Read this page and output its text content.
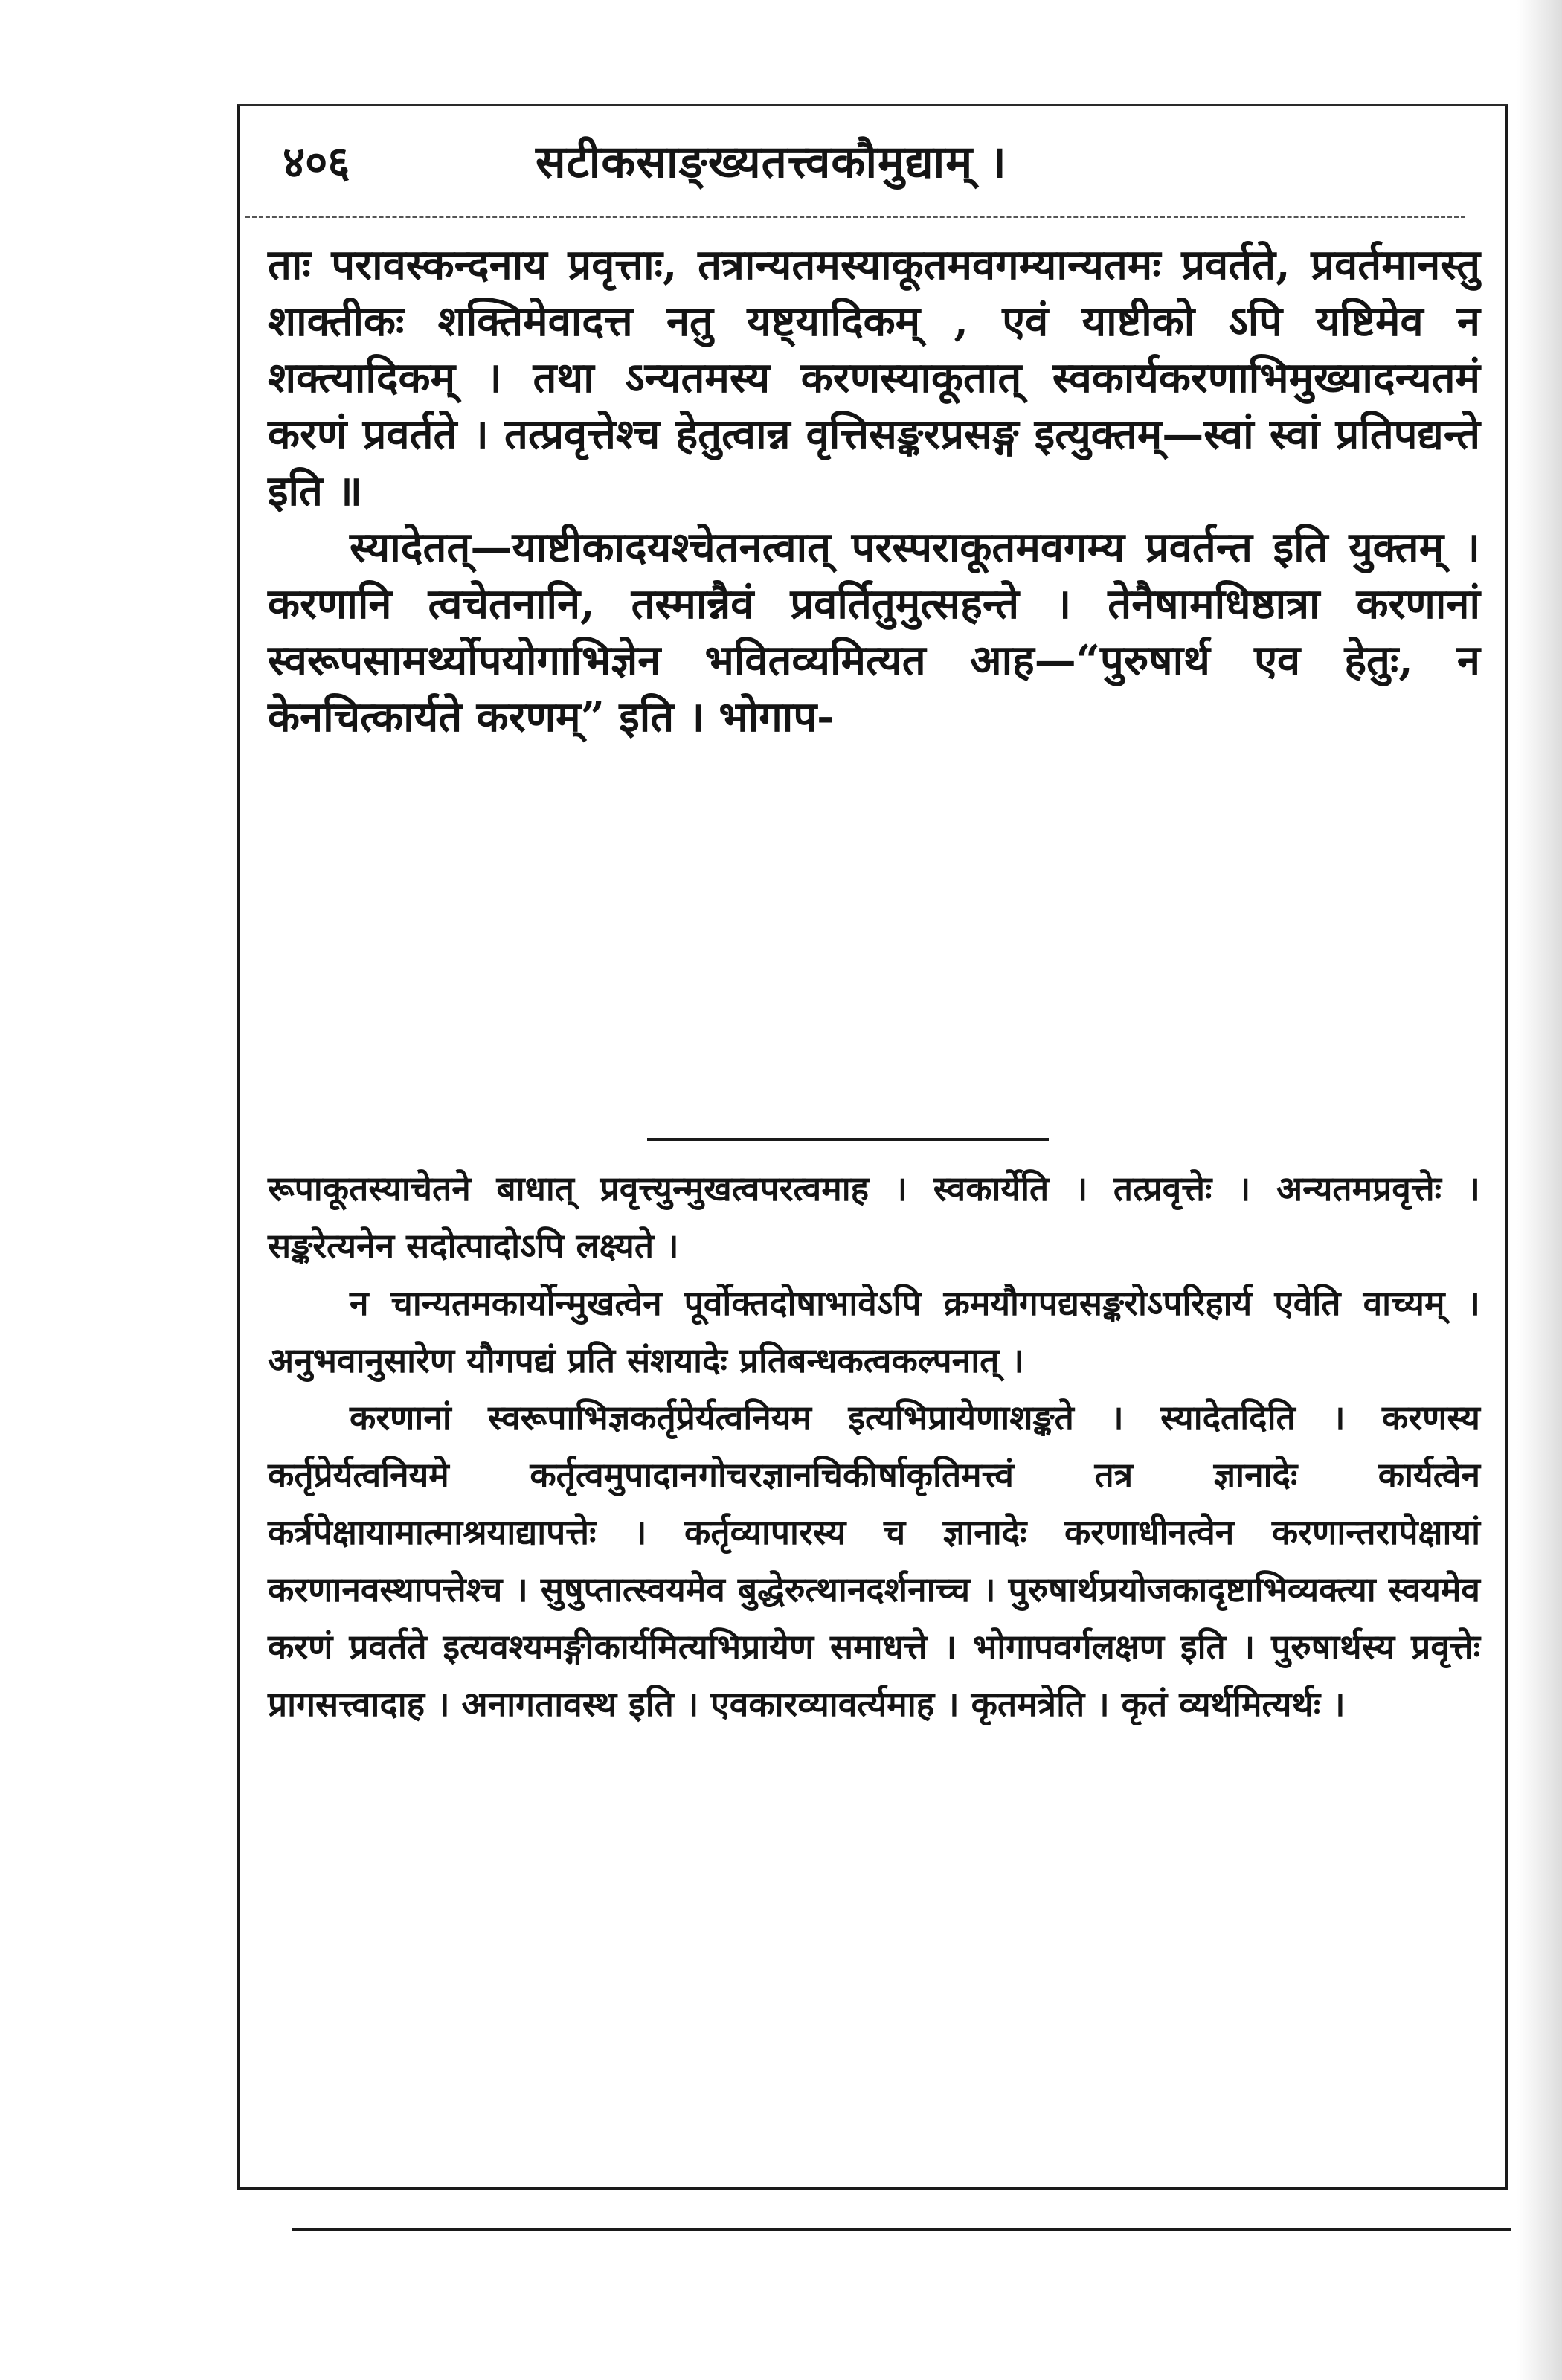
४०६	सटीकसाङ्ख्यतत्त्वकौमुद्याम् ।

ताः परावस्कन्दनाय प्रवृत्ताः, तत्रान्यतमस्याकूतमवगम्यान्यतमः प्रवर्तते, प्रवर्तमानस्तु शाक्तीकः शक्तिमेवादत्त नतु यष्ट्यादिकम् , एवं याष्टीको ऽपि यष्टिमेव न शक्त्यादिकम् । तथा ऽन्यतमस्य करणस्याकूतात् स्वकार्यकरणाभिमुख्यादन्यतमं करणं प्रवर्तते । तत्प्रवृत्तेश्च हेतुत्वान्न वृत्तिसङ्करप्रसङ्ग इत्युक्तम्—स्वां स्वां प्रतिपद्यन्ते इति ॥

स्यादेतत्—याष्टीकादयश्चेतनत्वात् परस्पराकूतमवगम्य प्रवर्तन्त इति युक्तम् । करणानि त्वचेतनानि, तस्मान्नैवं प्रवर्तितुमुत्सहन्ते । तेनैषामधिष्ठात्रा करणानां स्वरूपसामर्थ्योपयोगाभिज्ञेन भवितव्यमित्यत आह—“पुरुषार्थ एव हेतुः, न केनचित्कार्यते करणम्” इति । भोगाप-

रूपाकूतस्याचेतने बाधात् प्रवृत्त्युन्मुखत्वपरत्वमाह । स्वकार्येति । तत्प्रवृत्तेः । अन्यतमप्रवृत्तेः । सङ्करेत्यनेन सदोत्पादोऽपि लक्ष्यते ।

न चान्यतमकार्योन्मुखत्वेन पूर्वोक्तदोषाभावेऽपि क्रमयौगपद्यसङ्करोऽपरिहार्य एवेति वाच्यम् । अनुभवानुसारेण यौगपद्यं प्रति संशयादेः प्रतिबन्धकत्वकल्पनात् ।

करणानां स्वरूपाभिज्ञकर्तृप्रेर्यत्वनियम इत्यभिप्रायेणाशङ्कते । स्यादेतदिति । करणस्य कर्तृप्रेर्यत्वनियमे कर्तृत्वमुपादानगोचरज्ञानचिकीर्षाकृतिमत्त्वं तत्र ज्ञानादेः कार्यत्वेन कर्त्रपेक्षायामात्माश्रयाद्यापत्तेः । कर्तृव्यापारस्य च ज्ञानादेः करणाधीनत्वेन करणान्तरापेक्षायां करणानवस्थापत्तेश्च । सुषुप्तात्स्वयमेव बुद्धेरुत्थानदर्शनाच्च । पुरुषार्थप्रयोजकादृष्टाभिव्यक्त्या स्वयमेव करणं प्रवर्तते इत्यवश्यमङ्गीकार्यमित्यभिप्रायेण समाधत्ते । भोगापवर्गलक्षण इति । पुरुषार्थस्य प्रवृत्तेः प्रागसत्त्वादाह । अनागतावस्थ इति । एवकारव्यावर्त्यमाह । कृतमत्रेति । कृतं व्यर्थमित्यर्थः ।
